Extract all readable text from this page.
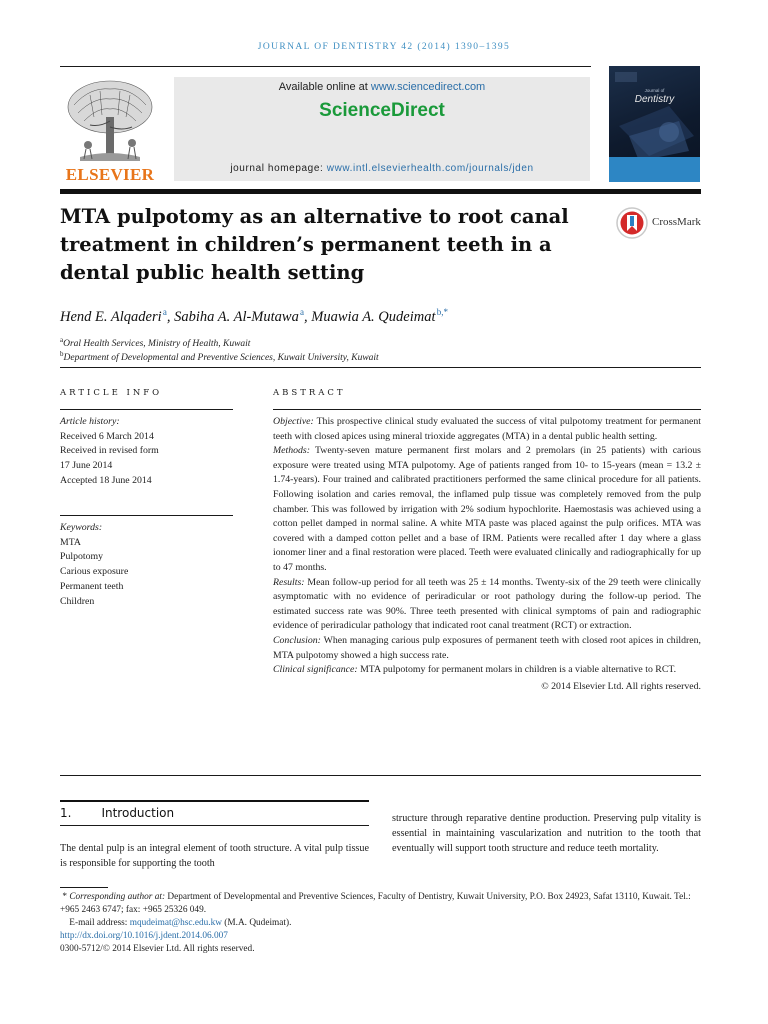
JOURNAL OF DENTISTRY 42 (2014) 1390–1395
ELSEVIER
Available online at www.sciencedirect.com
ScienceDirect
journal homepage: www.intl.elsevierhealth.com/journals/jden
Journal of
Dentistry
MTA pulpotomy as an alternative to root canal treatment in children’s permanent teeth in a dental public health setting
CrossMark
Hend E. Alqaderi $^a$, Sabiha A. Al-Mutawa $^a$, Muawia A. Qudeimat $^{b,*}$
$^a$Oral Health Services, Ministry of Health, Kuwait
$^b$Department of Developmental and Preventive Sciences, Kuwait University, Kuwait
ARTICLE INFO
Article history:
Received 6 March 2014
Received in revised form
17 June 2014
Accepted 18 June 2014
Keywords:
MTA
Pulpotomy
Carious exposure
Permanent teeth
Children
ABSTRACT

Objective: This prospective clinical study evaluated the success of vital pulpotomy treatment for permanent teeth with closed apices using mineral trioxide aggregates (MTA) in a dental public health setting.

Methods: Twenty-seven mature permanent first molars and 2 premolars (in 25 patients) with carious exposure were treated using MTA pulpotomy. Age of patients ranged from 10- to 15-years (mean = 13.2 ± 1.74-years). Four trained and calibrated practitioners performed the same clinical procedure for all patients. Following isolation and caries removal, the inflamed pulp tissue was completely removed from the pulp chamber. This was followed by irrigation with 2% sodium hypochlorite. Haemostasis was achieved using a cotton pellet damped in normal saline. A white MTA paste was placed against the pulp orifices. MTA was covered with a damped cotton pellet and a base of IRM. Patients were recalled after 1 day where a glass ionomer liner and a final restoration were placed. Teeth were evaluated clinically and radiographically for up to 47 months.

Results: Mean follow-up period for all teeth was 25 ± 14 months. Twenty-six of the 29 teeth were clinically asymptomatic with no evidence of periradicular or root pathology during the follow-up period. The estimated success rate was 90%. Three teeth presented with clinical symptoms of pain and radiographic evidence of periradicular pathology that indicated root canal treatment (RCT) or extraction.

Conclusion: When managing carious pulp exposures of permanent teeth with closed root apices in children, MTA pulpotomy showed a high success rate.

Clinical significance: MTA pulpotomy for permanent molars in children is a viable alternative to RCT.

© 2014 Elsevier Ltd. All rights reserved.

1.	Introduction
The dental pulp is an integral element of tooth structure. A vital pulp tissue is responsible for supporting the tooth
structure through reparative dentine production. Preserving pulp vitality is essential in maintaining vascularization and nutrition to the tooth that eventually will support tooth structure and reduce teeth mortality.
* Corresponding author at: Department of Developmental and Preventive Sciences, Faculty of Dentistry, Kuwait University, P.O. Box 24923, Safat 13110, Kuwait. Tel.: +965 2463 6747; fax: +965 25326 049.
E-mail address: mqudeimat@hsc.edu.kw (M.A. Qudeimat).
http://dx.doi.org/10.1016/j.jdent.2014.06.007
0300-5712/© 2014 Elsevier Ltd. All rights reserved.
